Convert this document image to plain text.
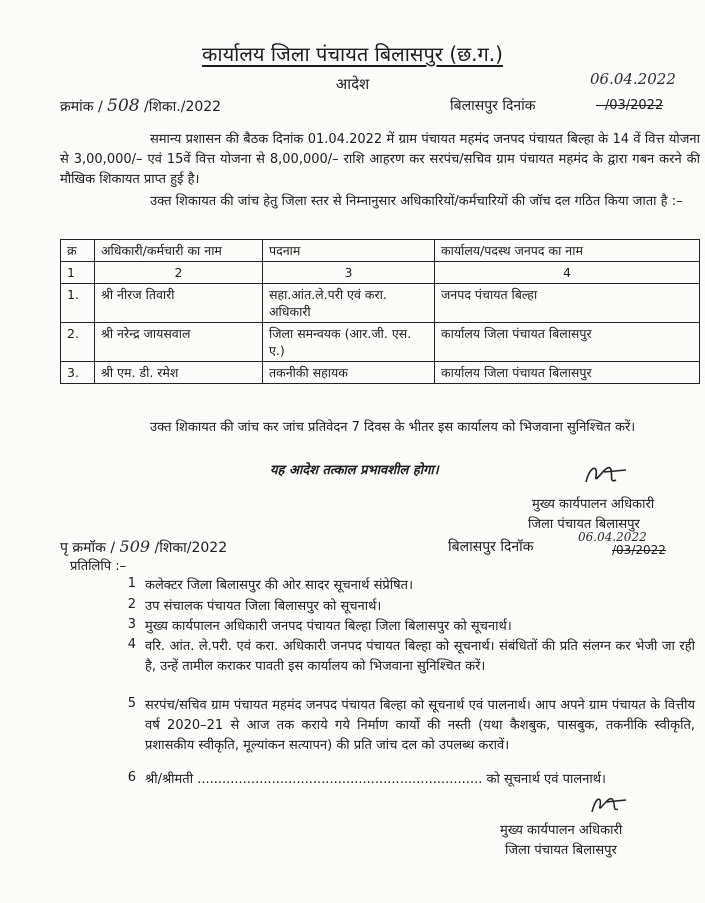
कार्यालय जिला पंचायत बिलासपुर (छ.ग.)
आदेश	06.04.2022
क्रमांक / 508 /शिका./2022	बिलासपुर दिनांक	- /03/2022
समान्य प्रशासन की बैठक दिनांक 01.04.2022 में ग्राम पंचायत महमंद जनपद पंचायत बिल्हा के 14 वें वित्त योजना से 3,00,000/– एवं 15वें वित्त योजना से 8,00,000/– राशि आहरण कर सरपंच/सचिव ग्राम पंचायत महमंद के द्वारा गबन करने की मौखिक शिकायत प्राप्त हुई है।
उक्त शिकायत की जांच हेतु जिला स्तर से निम्नानुसार अधिकारियों/कर्मचारियों की जॉच दल गठित किया जाता है :–
क्र	अधिकारी/कर्मचारी का नाम	पदनाम	कार्यालय/पदस्थ जनपद का नाम
1	2	3	4
1.	श्री नीरज तिवारी	सहा.आंत.ले.परी एवं करा. अधिकारी	जनपद पंचायत बिल्हा
2.	श्री नरेन्द्र जायसवाल	जिला समन्वयक (आर.जी. एस. ए.)	कार्यालय जिला पंचायत बिलासपुर
3.	श्री एम. डी. रमेश	तकनीकी सहायक	कार्यालय जिला पंचायत बिलासपुर
उक्त शिकायत की जांच कर जांच प्रतिवेदन 7 दिवस के भीतर इस कार्यालय को भिजवाना सुनिश्चित करें।
यह आदेश तत्काल प्रभावशील होगा।
मुख्य कार्यपालन अधिकारी
जिला पंचायत बिलासपुर
पृ क्रमॉक / 509 /शिका/2022	बिलासपुर दिनॉक
06.04.2022
/03/2022
प्रतिलिपि :–
1 कलेक्टर जिला बिलासपुर की ओर सादर सूचनार्थ संप्रेषित।
2 उप संचालक पंचायत जिला बिलासपुर को सूचनार्थ।
3 मुख्य कार्यपालन अधिकारी जनपद पंचायत बिल्हा जिला बिलासपुर को सूचनार्थ।
4 वरि. आंत. ले.परी. एवं करा. अधिकारी जनपद पंचायत बिल्हा को सूचनार्थ। संबंधितों की प्रति संलग्न कर भेजी जा रही है, उन्हें तामील कराकर पावती इस कार्यालय को भिजवाना सुनिश्चित करें।
5 सरपंच/सचिव ग्राम पंचायत महमंद जनपद पंचायत बिल्हा को सूचनार्थ एवं पालनार्थ। आप अपने ग्राम पंचायत के वित्तीय वर्ष 2020–21 से आज तक कराये गये निर्माण कार्यो की नस्ती (यथा कैशबुक, पासबुक, तकनीकि स्वीकृति, प्रशासकीय स्वीकृति, मूल्यांकन सत्यापन) की प्रति जांच दल को उपलब्ध करावें।
6 श्री/श्रीमती ..................................................................... को सूचनार्थ एवं पालनार्थ।
मुख्य कार्यपालन अधिकारी
जिला पंचायत बिलासपुर
